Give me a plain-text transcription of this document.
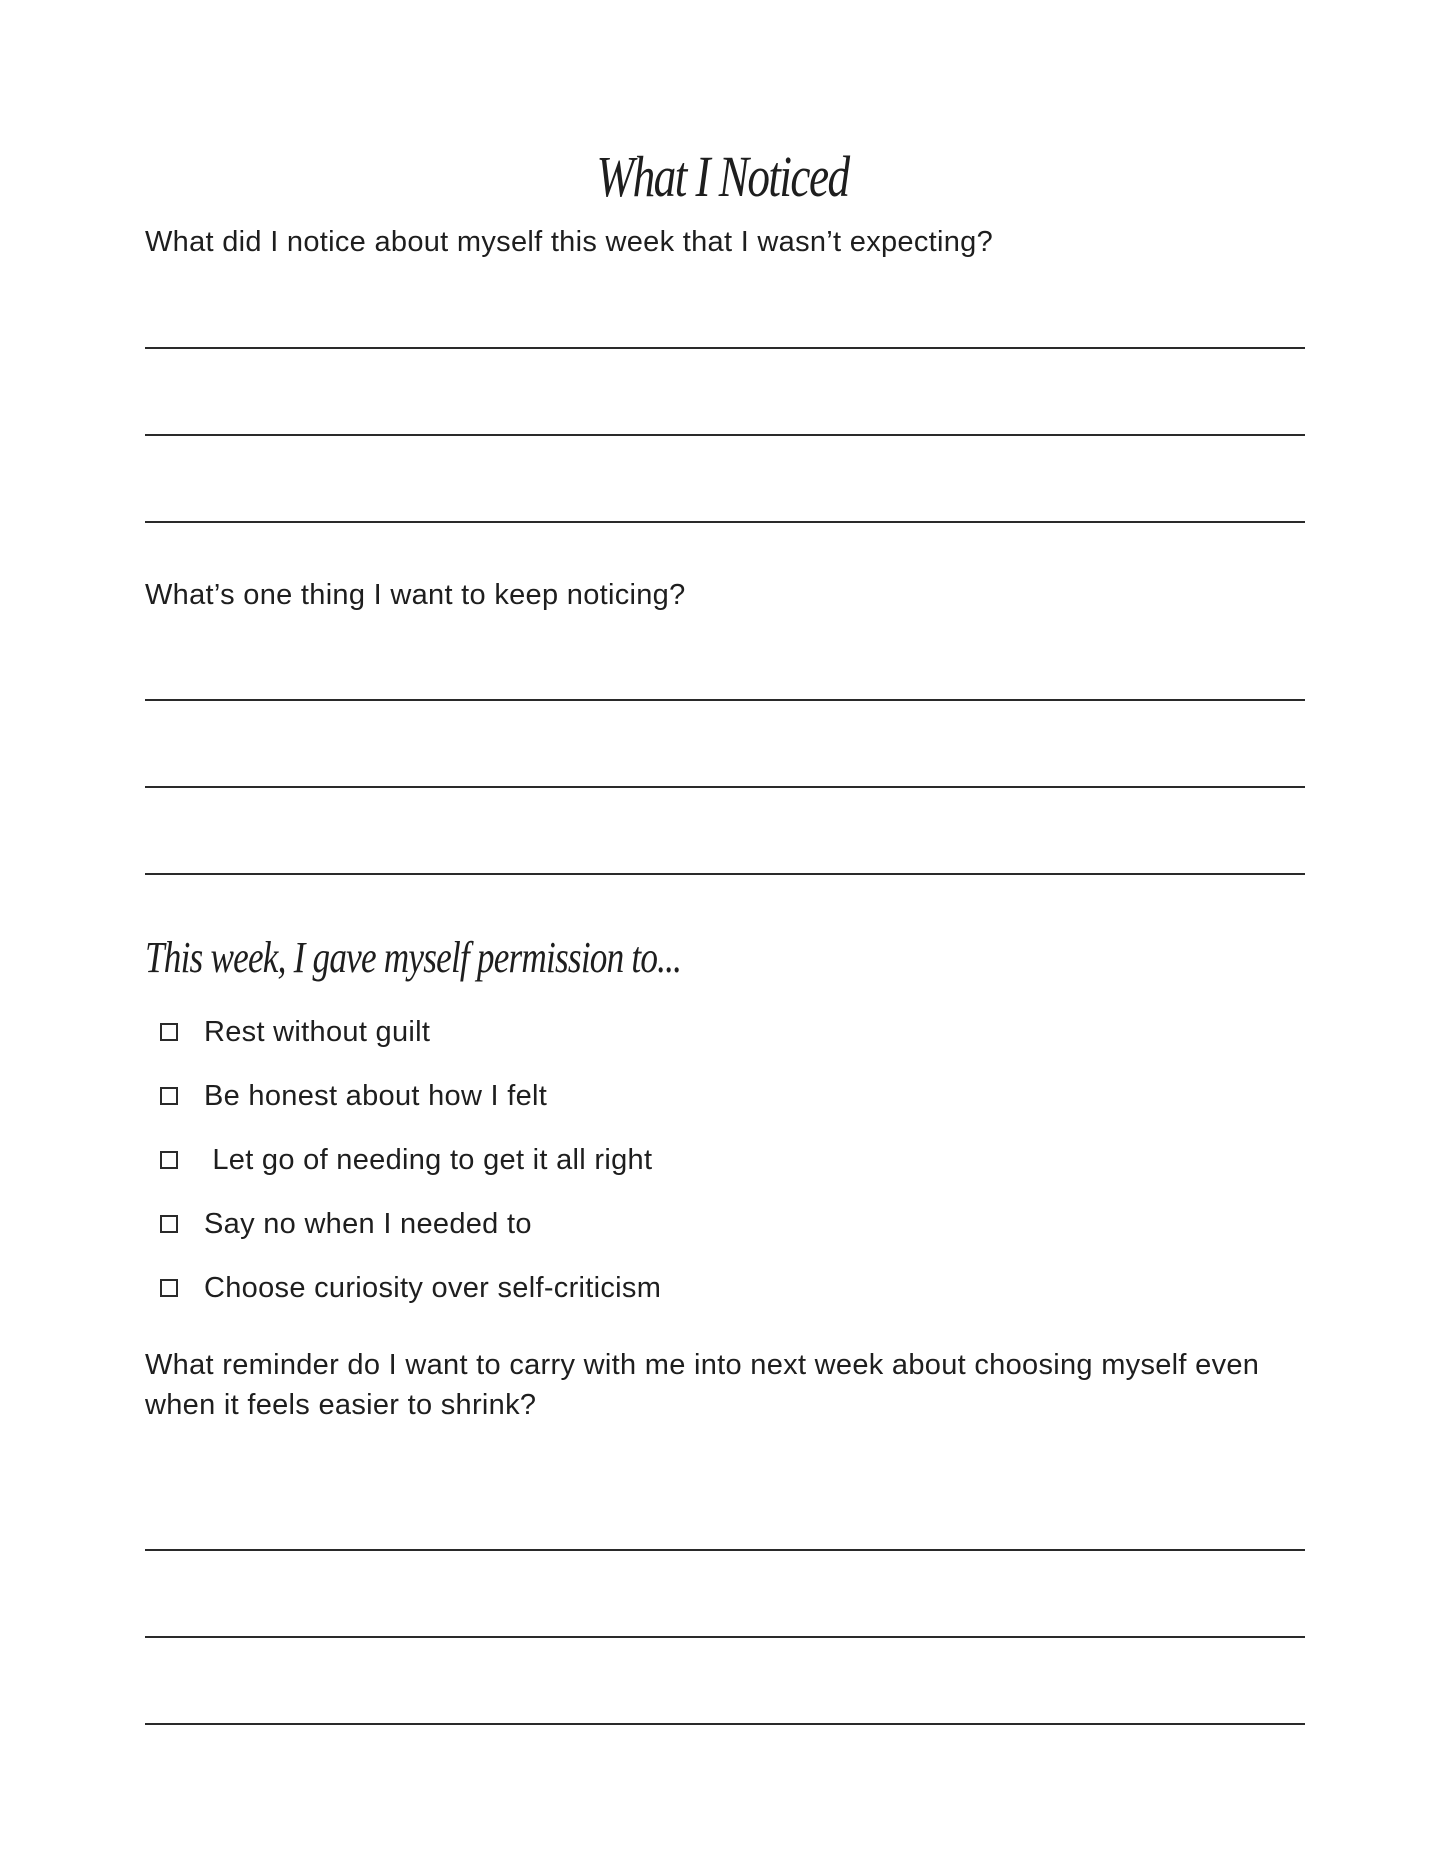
What I Noticed
What did I notice about myself this week that I wasn’t expecting?
What’s one thing I want to keep noticing?
This week, I gave myself permission to...
Rest without guilt
Be honest about how I felt
Let go of needing to get it all right
Say no when I needed to
Choose curiosity over self-criticism
What reminder do I want to carry with me into next week about choosing myself even when it feels easier to shrink?
